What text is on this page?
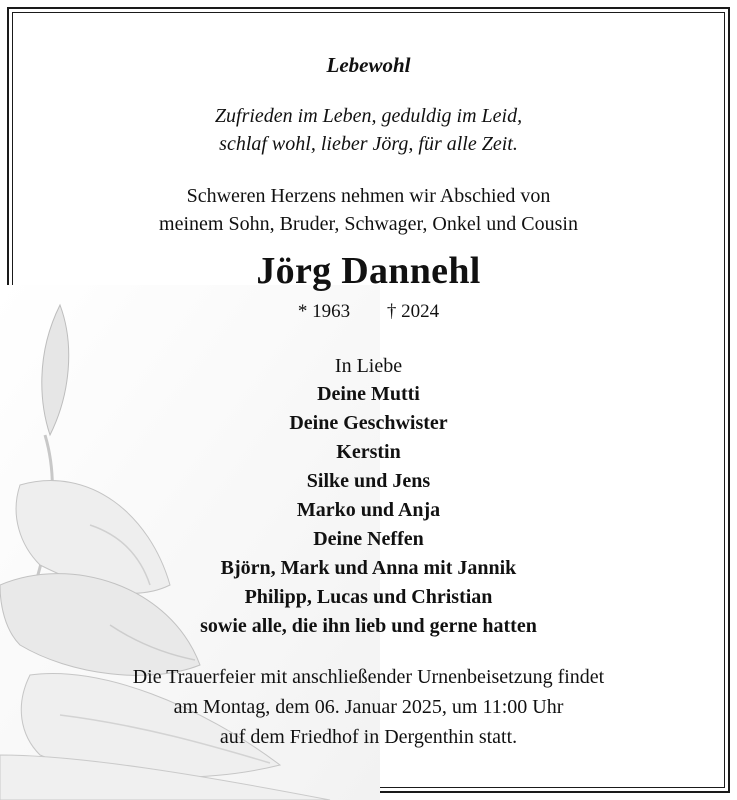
Lebewohl
Zufrieden im Leben, geduldig im Leid,
schlaf wohl, lieber Jörg, für alle Zeit.
Schweren Herzens nehmen wir Abschied von
meinem Sohn, Bruder, Schwager, Onkel und Cousin
Jörg Dannehl
* 1963 † 2024
In Liebe
Deine Mutti
Deine Geschwister
Kerstin
Silke und Jens
Marko und Anja
Deine Neffen
Björn, Mark und Anna mit Jannik
Philipp, Lucas und Christian
sowie alle, die ihn lieb und gerne hatten
Die Trauerfeier mit anschließender Urnenbeisetzung findet
am Montag, dem 06. Januar 2025, um 11:00 Uhr
auf dem Friedhof in Dergenthin statt.
